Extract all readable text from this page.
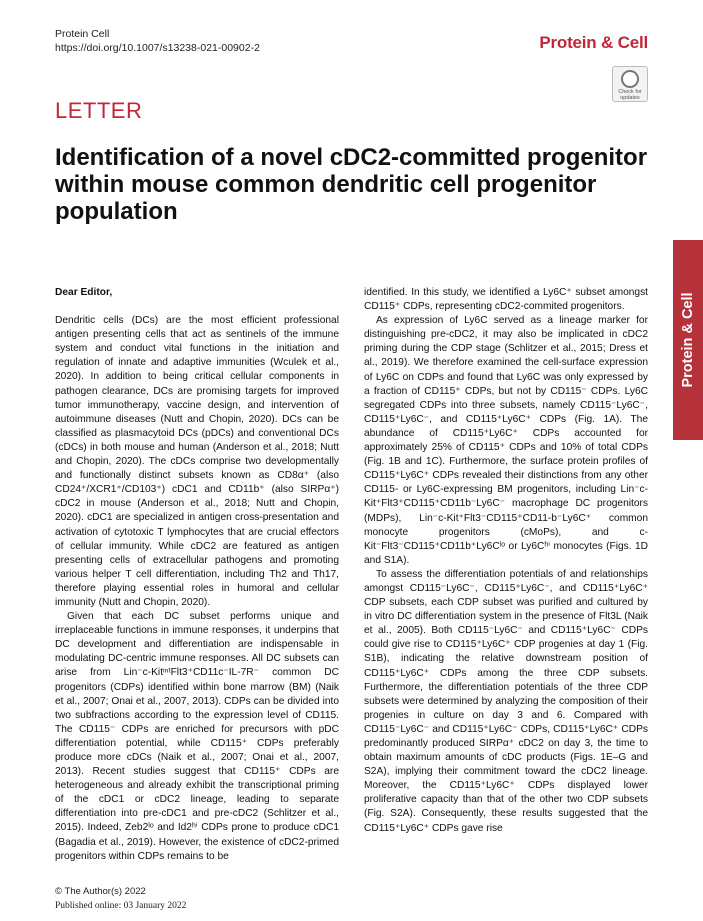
Protein Cell
https://doi.org/10.1007/s13238-021-00902-2	Protein & Cell
Check for
updates
LETTER
Identification of a novel cDC2-committed progenitor within mouse common dendritic cell progenitor population
Protein & Cell

Dear Editor,

Dendritic cells (DCs) are the most efficient professional antigen presenting cells that act as sentinels of the immune system and conduct vital functions in the initiation and regulation of innate and adaptive immunities (Wculek et al., 2020). In addition to being critical cellular components in pathogen clearance, DCs are promising targets for improved tumor immunotherapy, vaccine design, and intervention of autoimmune diseases (Nutt and Chopin, 2020). DCs can be classified as plasmacytoid DCs (pDCs) and conventional DCs (cDCs) in both mouse and human (Anderson et al., 2018; Nutt and Chopin, 2020). The cDCs comprise two developmentally and functionally distinct subsets known as CD8α⁺ (also CD24⁺/XCR1⁺/CD103⁺) cDC1 and CD11b⁺ (also SIRPα⁺) cDC2 in mouse (Anderson et al., 2018; Nutt and Chopin, 2020). cDC1 are specialized in antigen cross-presentation and activation of cytotoxic T lymphocytes that are crucial effectors of cellular immunity. While cDC2 are featured as antigen presenting cells of extracellular pathogens and promoting various helper T cell differentiation, including Th2 and Th17, therefore playing essential roles in humoral and cellular immunity (Nutt and Chopin, 2020).

Given that each DC subset performs unique and irreplaceable functions in immune responses, it underpins that DC development and differentiation are indispensable in modulating DC-centric immune responses. All DC subsets can arise from Lin⁻c-KitᶦⁿᵗFlt3⁺CD11c⁻IL-7R⁻ common DC progenitors (CDPs) identified within bone marrow (BM) (Naik et al., 2007; Onai et al., 2007, 2013). CDPs can be divided into two subfractions according to the expression level of CD115. The CD115⁻ CDPs are enriched for precursors with pDC differentiation potential, while CD115⁺ CDPs preferably produce more cDCs (Naik et al., 2007; Onai et al., 2007, 2013). Recent studies suggest that CD115⁺ CDPs are heterogeneous and already exhibit the transcriptional priming of the cDC1 or cDC2 lineage, leading to separate differentiation into pre-cDC1 and pre-cDC2 (Schlitzer et al., 2015). Indeed, Zeb2ˡᵒ and Id2ʰⁱ CDPs prone to produce cDC1 (Bagadia et al., 2019). However, the existence of cDC2-primed progenitors within CDPs remains to be

identified. In this study, we identified a Ly6C⁺ subset amongst CD115⁺ CDPs, representing cDC2-commited progenitors.

As expression of Ly6C served as a lineage marker for distinguishing pre-cDC2, it may also be implicated in cDC2 priming during the CDP stage (Schlitzer et al., 2015; Dress et al., 2019). We therefore examined the cell-surface expression of Ly6C on CDPs and found that Ly6C was only expressed by a fraction of CD115⁺ CDPs, but not by CD115⁻ CDPs. Ly6C segregated CDPs into three subsets, namely CD115⁻Ly6C⁻, CD115⁺Ly6C⁻, and CD115⁺Ly6C⁺ CDPs (Fig. 1A). The abundance of CD115⁺Ly6C⁺ CDPs accounted for approximately 25% of CD115⁺ CDPs and 10% of total CDPs (Fig. 1B and 1C). Furthermore, the surface protein profiles of CD115⁺Ly6C⁺ CDPs revealed their distinctions from any other CD115- or Ly6C-expressing BM progenitors, including Lin⁻c-Kit⁺Flt3⁺CD115⁺CD11b⁻Ly6C⁻ macrophage DC progenitors (MDPs), Lin⁻c-Kit⁺Flt3⁻CD115⁺CD11-b⁻Ly6C⁺ common monocyte progenitors (cMoPs), and c-Kit⁻Flt3⁻CD115⁺CD11b⁺Ly6Cˡᵒ or Ly6Cʰⁱ monocytes (Figs. 1D and S1A).

To assess the differentiation potentials of and relationships amongst CD115⁻Ly6C⁻, CD115⁺Ly6C⁻, and CD115⁺Ly6C⁺ CDP subsets, each CDP subset was purified and cultured by in vitro DC differentiation system in the presence of Flt3L (Naik et al., 2005). Both CD115⁻Ly6C⁻ and CD115⁺Ly6C⁻ CDPs could give rise to CD115⁺Ly6C⁺ CDP progenies at day 1 (Fig. S1B), indicating the relative downstream position of CD115⁺Ly6C⁺ CDPs among the three CDP subsets. Furthermore, the differentiation potentials of the three CDP subsets were determined by analyzing the composition of their progenies in culture on day 3 and 6. Compared with CD115⁻Ly6C⁻ and CD115⁺Ly6C⁻ CDPs, CD115⁺Ly6C⁺ CDPs predominantly produced SIRPα⁺ cDC2 on day 3, the time to obtain maximum amounts of cDC products (Figs. 1E–G and S2A), implying their commitment toward the cDC2 lineage. Moreover, the CD115⁺Ly6C⁺ CDPs displayed lower proliferative capacity than that of the other two CDP subsets (Fig. S2A). Consequently, these results suggested that the CD115⁺Ly6C⁺ CDPs gave rise

© The Author(s) 2022
Published online: 03 January 2022
